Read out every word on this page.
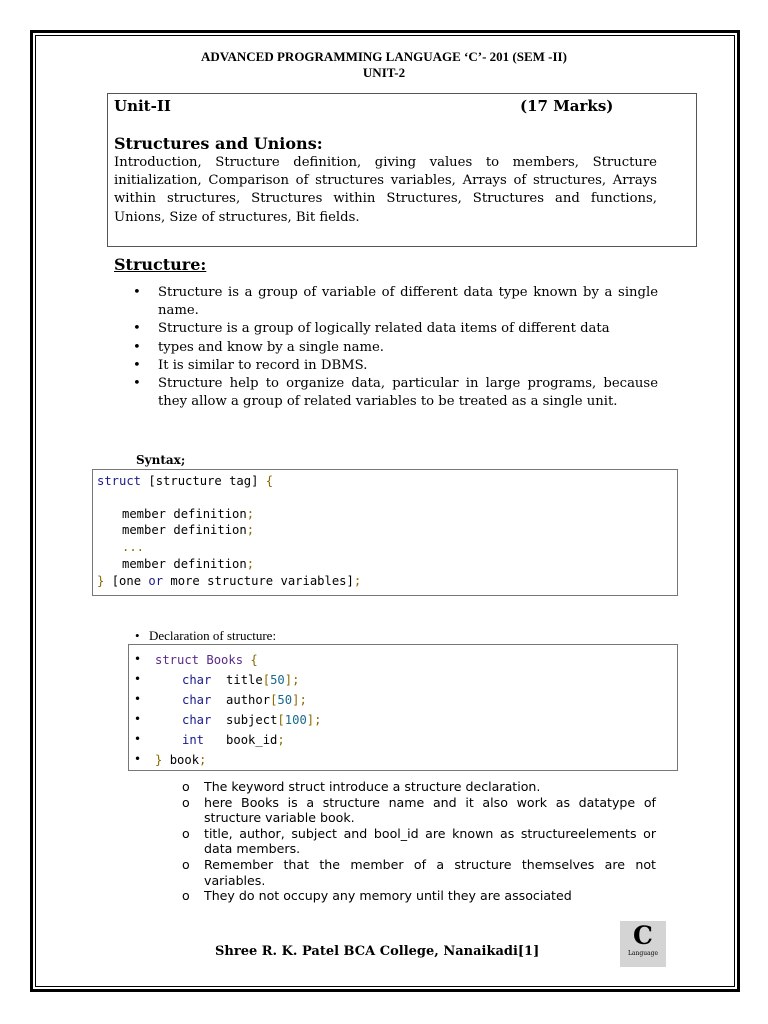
ADVANCED PROGRAMMING LANGUAGE ‘C’- 201 (SEM -II)
UNIT-2
Unit-II	(17 Marks)
Structures and Unions:
Introduction, Structure definition, giving values to members, Structure initialization, Comparison of structures variables, Arrays of structures, Arrays within structures, Structures within Structures, Structures and functions, Unions, Size of structures, Bit fields.
Structure:
• Structure is a group of variable of different data type known by a single name.
• Structure is a group of logically related data items of different data
• types and know by a single name.
• It is similar to record in DBMS.
• Structure help to organize data, particular in large programs, because they allow a group of related variables to be treated as a single unit.
Syntax;
struct [structure tag] {
member definition;
member definition;
...
member definition;
} [one or more structure variables];
• Declaration of structure:
•
•
•
•
•
•
struct Books {
char title[50];
char author[50];
char subject[100];
int book_id;
} book;
o The keyword struct introduce a structure declaration.
o here Books is a structure name and it also work as datatype of structure variable book.
o title, author, subject and bool_id are known as structureelements or data members.
o Remember that the member of a structure themselves are not variables.
o They do not occupy any memory until they are associated
Shree R. K. Patel BCA College, Nanaikadi[1]
C
Language
